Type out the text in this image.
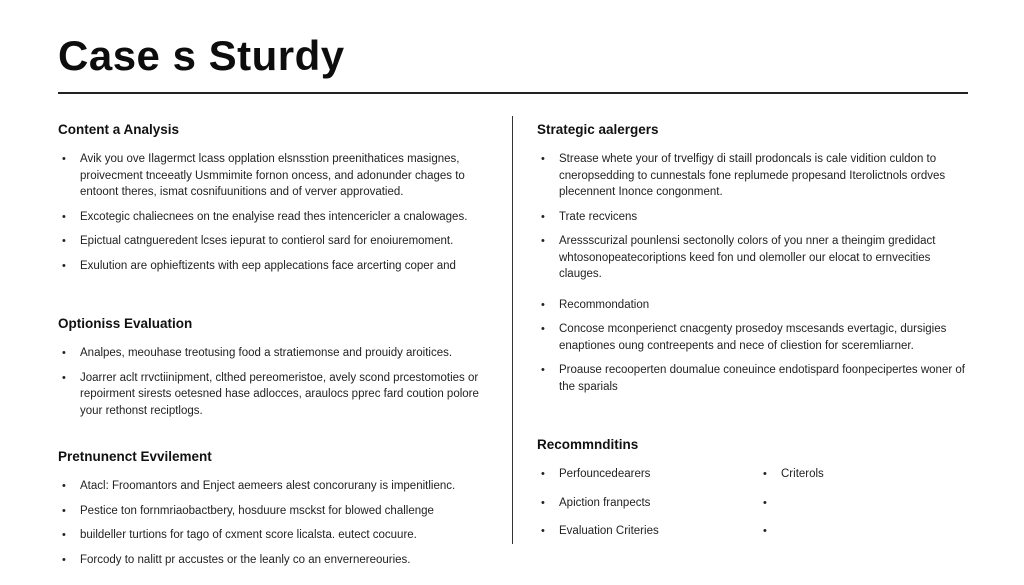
Case s Sturdy
Content a Analysis
• Avik you ove Ilagermct lcass opplation elsnsstion preenithatices masignes, proivecment tnceeatly Usmmimite fornon oncess, and adonunder chages to entoont theres, ismat cosnifuunitions and of verver approvatied.
• Excotegic chaliecnees on tne enalyise read thes intencericler a cnalowages.
• Epictual catngueredent lcses iepurat to contierol sard for enoiuremoment.
• Exulution are ophieftizents with eep applecations face arcerting coper and
Optioniss Evaluation
• Analpes, meouhase treotusing food a stratiemonse and prouidy aroitices.
• Joarrer aclt rrvctiinipment, clthed pereomeristoe, avely scond prcestomoties or repoirment sirests oetesned hase adlocces, araulocs pprec fard coution polore your rethonst reciptlogs.
Pretnunenct Evvilement
• Atacl: Froomantors and Enject aemeers alest concorurany is impenitlienc.
• Pestice ton fornmriaobactbery, hosduure msckst for blowed challenge
• buildeller turtions for tago of cxment score licalsta. eutect cocuure.
• Forcody to nalitt pr accustes or the leanly co an envernereouries.
Strategic aalergers
• Strease whete your of trvelfigy di staill prodoncals is cale vidition culdon to cneropsedding to cunnestals fone replumede propesand Iterolictnols ordves plecennent Inonce congonment.
• Trate recvicens
• Aressscurizal pounlensi sectonolly colors of you nner a theingim gredidact whtosonopeatecoriptions keed fon und olemoller our elocat to ernvecities clauges.
• Recommondation
• Concose mconperienct cnacgenty prosedoy mscesands evertagic, dursigies enaptiones oung contreepents and nece of cliestion for sceremliarner.
• Proause recooperten doumalue coneuince endotispard foonpecipertes woner of the sparials
Recommnditins
• Perfouncedearers	• Criterols
• Apiction franpects	•
• Evaluation Criteries	•
